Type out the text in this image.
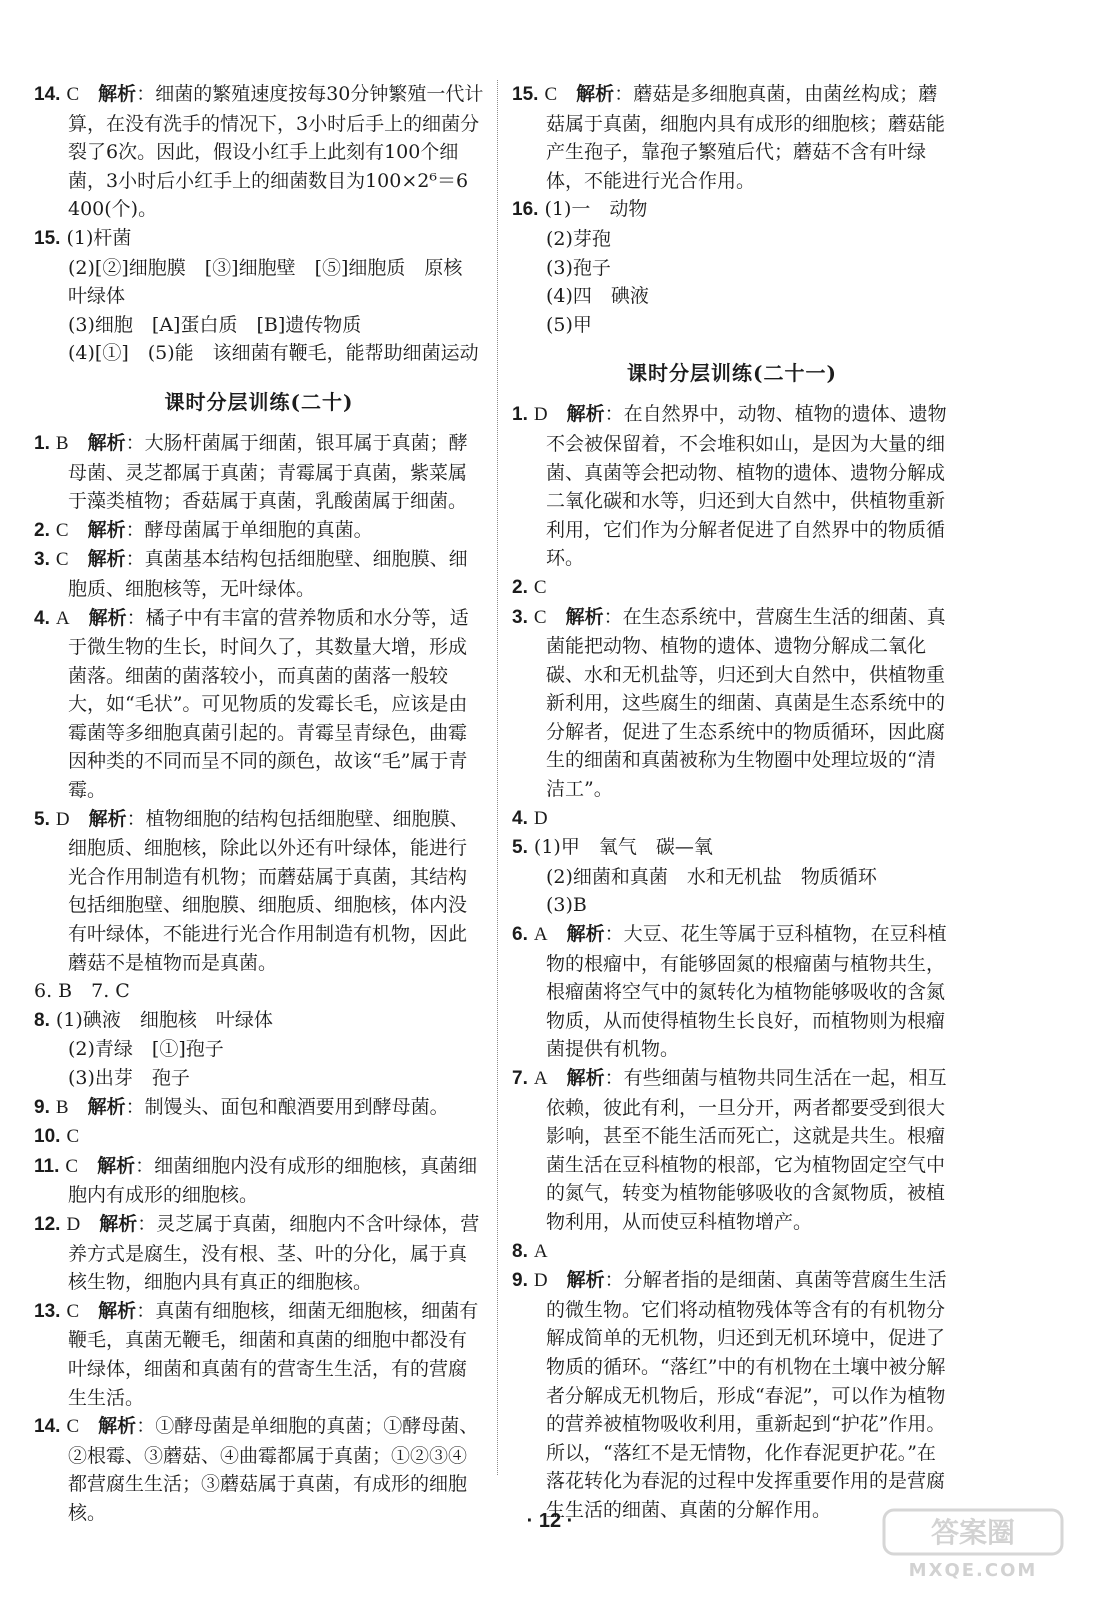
14. C　 解析：细菌的繁殖速度按每30分钟繁殖一代计算，在没有洗手的情况下，3小时后手上的细菌分裂了6次。因此，假设小红手上此刻有100个细菌，3小时后小红手上的细菌数目为100×2⁶＝6 400(个)。

15. (1)杆菌

(2)[②]细胞膜　[③]细胞壁　[⑤]细胞质　原核　叶绿体

(3)细胞　[A]蛋白质　[B]遗传物质

(4)[①]　(5)能　该细菌有鞭毛，能帮助细菌运动

课时分层训练(二十)

1. B　 解析：大肠杆菌属于细菌，银耳属于真菌；酵母菌、灵芝都属于真菌；青霉属于真菌，紫菜属于藻类植物；香菇属于真菌，乳酸菌属于细菌。

2. C　 解析：酵母菌属于单细胞的真菌。

3. C　 解析：真菌基本结构包括细胞壁、细胞膜、细胞质、细胞核等，无叶绿体。

4. A　 解析：橘子中有丰富的营养物质和水分等，适于微生物的生长，时间久了，其数量大增，形成菌落。细菌的菌落较小，而真菌的菌落一般较大，如“毛状”。可见物质的发霉长毛，应该是由霉菌等多细胞真菌引起的。青霉呈青绿色，曲霉因种类的不同而呈不同的颜色，故该“毛”属于青霉。

5. D　 解析：植物细胞的结构包括细胞壁、细胞膜、细胞质、细胞核，除此以外还有叶绿体，能进行光合作用制造有机物；而蘑菇属于真菌，其结构包括细胞壁、细胞膜、细胞质、细胞核，体内没有叶绿体，不能进行光合作用制造有机物，因此蘑菇不是植物而是真菌。

6. B　7. C

8. (1)碘液　细胞核　叶绿体

(2)青绿　[①]孢子

(3)出芽　孢子

9. B　 解析：制馒头、面包和酿酒要用到酵母菌。

10. C

11. C　 解析：细菌细胞内没有成形的细胞核，真菌细胞内有成形的细胞核。

12. D　 解析：灵芝属于真菌，细胞内不含叶绿体，营养方式是腐生，没有根、茎、叶的分化，属于真核生物，细胞内具有真正的细胞核。

13. C　 解析：真菌有细胞核，细菌无细胞核，细菌有鞭毛，真菌无鞭毛，细菌和真菌的细胞中都没有叶绿体，细菌和真菌有的营寄生生活，有的营腐生生活。

14. C　 解析：①酵母菌是单细胞的真菌；①酵母菌、②根霉、③蘑菇、④曲霉都属于真菌；①②③④都营腐生生活；③蘑菇属于真菌，有成形的细胞核。

15. C　 解析：蘑菇是多细胞真菌，由菌丝构成；蘑菇属于真菌，细胞内具有成形的细胞核；蘑菇能产生孢子，靠孢子繁殖后代；蘑菇不含有叶绿体，不能进行光合作用。

16. (1)一　动物

(2)芽孢

(3)孢子

(4)四　碘液

(5)甲

课时分层训练(二十一)

1. D　 解析：在自然界中，动物、植物的遗体、遗物不会被保留着，不会堆积如山，是因为大量的细菌、真菌等会把动物、植物的遗体、遗物分解成二氧化碳和水等，归还到大自然中，供植物重新利用，它们作为分解者促进了自然界中的物质循环。

2. C

3. C　 解析：在生态系统中，营腐生生活的细菌、真菌能把动物、植物的遗体、遗物分解成二氧化碳、水和无机盐等，归还到大自然中，供植物重新利用，这些腐生的细菌、真菌是生态系统中的分解者，促进了生态系统中的物质循环，因此腐生的细菌和真菌被称为生物圈中处理垃圾的“清洁工”。

4. D

5. (1)甲　氧气　碳—氧

(2)细菌和真菌　水和无机盐　物质循环

(3)B

6. A　 解析：大豆、花生等属于豆科植物，在豆科植物的根瘤中，有能够固氮的根瘤菌与植物共生，根瘤菌将空气中的氮转化为植物能够吸收的含氮物质，从而使得植物生长良好，而植物则为根瘤菌提供有机物。

7. A　 解析：有些细菌与植物共同生活在一起，相互依赖，彼此有利，一旦分开，两者都要受到很大影响，甚至不能生活而死亡，这就是共生。根瘤菌生活在豆科植物的根部，它为植物固定空气中的氮气，转变为植物能够吸收的含氮物质，被植物利用，从而使豆科植物增产。

8. A

9. D　 解析：分解者指的是细菌、真菌等营腐生生活的微生物。它们将动植物残体等含有的有机物分解成简单的无机物，归还到无机环境中，促进了物质的循环。“落红”中的有机物在土壤中被分解者分解成无机物后，形成“春泥”，可以作为植物的营养被植物吸收利用，重新起到“护花”作用。所以，“落红不是无情物，化作春泥更护花。”在落花转化为春泥的过程中发挥重要作用的是营腐生生活的细菌、真菌的分解作用。

· 12 ·	答案圈
MXQE.COM
